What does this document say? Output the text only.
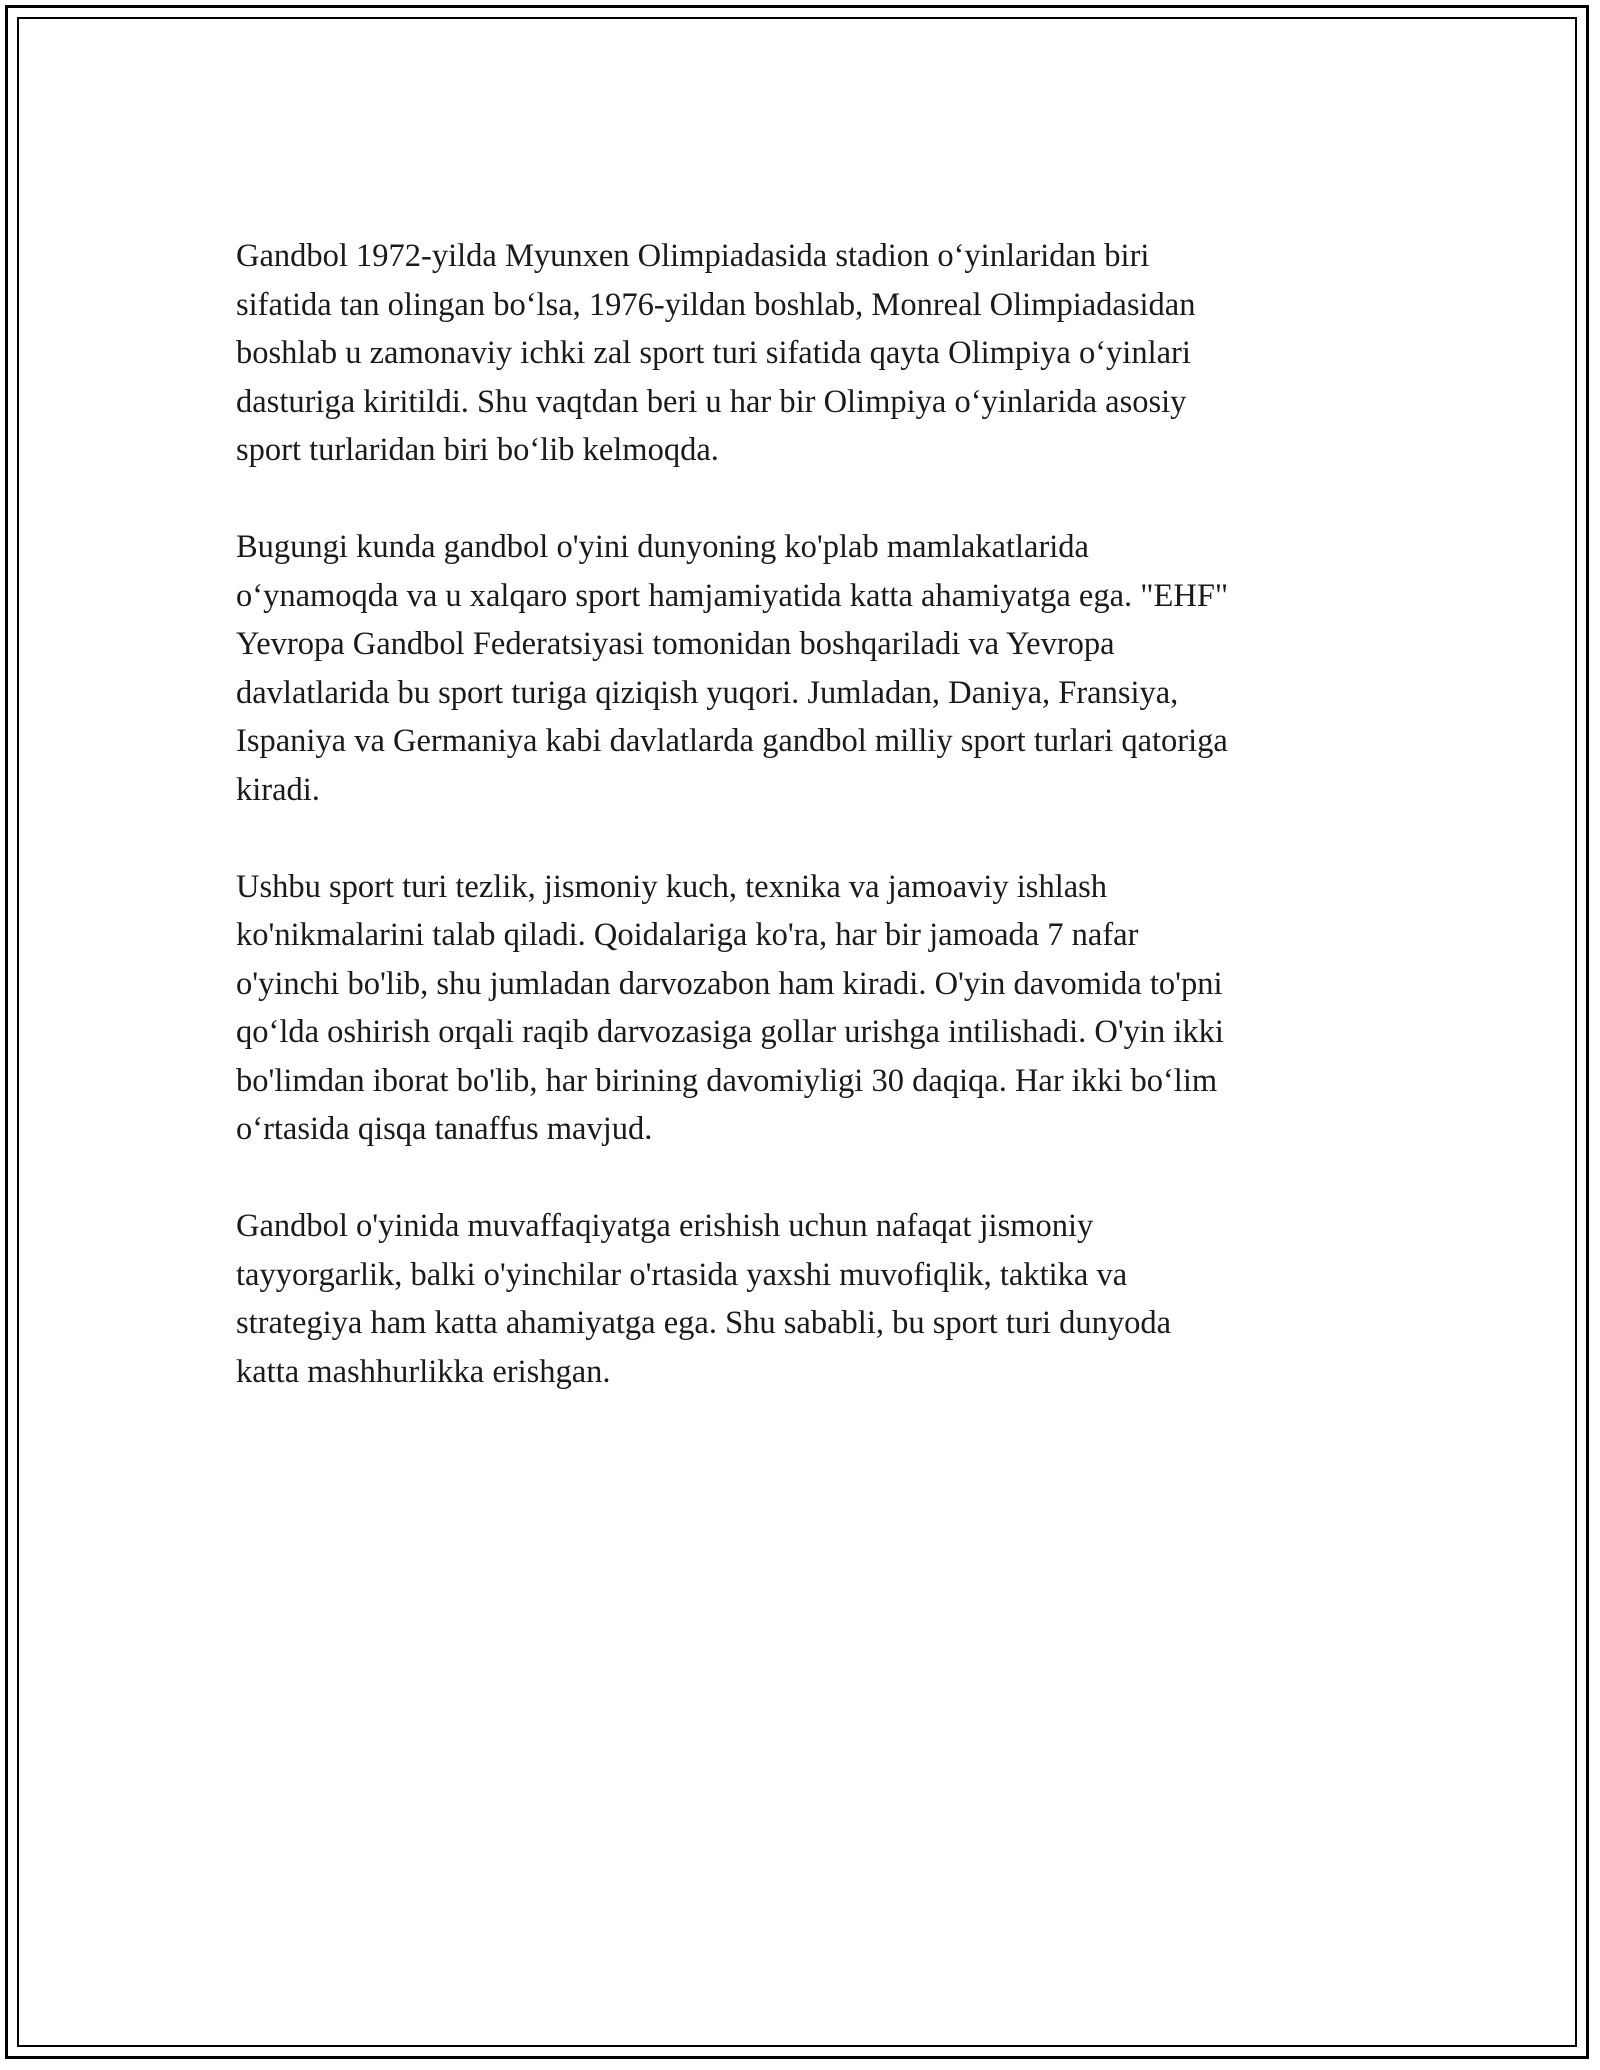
Gandbol 1972-yilda Myunxen Olimpiadasida stadion o‘yinlaridan biri
sifatida tan olingan bo‘lsa, 1976-yildan boshlab, Monreal Olimpiadasidan
boshlab u zamonaviy ichki zal sport turi sifatida qayta Olimpiya o‘yinlari
dasturiga kiritildi. Shu vaqtdan beri u har bir Olimpiya o‘yinlarida asosiy
sport turlaridan biri bo‘lib kelmoqda.

Bugungi kunda gandbol o'yini dunyoning ko'plab mamlakatlarida
o‘ynamoqda va u xalqaro sport hamjamiyatida katta ahamiyatga ega. "EHF"
Yevropa Gandbol Federatsiyasi tomonidan boshqariladi va Yevropa
davlatlarida bu sport turiga qiziqish yuqori. Jumladan, Daniya, Fransiya,
Ispaniya va Germaniya kabi davlatlarda gandbol milliy sport turlari qatoriga
kiradi.

Ushbu sport turi tezlik, jismoniy kuch, texnika va jamoaviy ishlash
ko'nikmalarini talab qiladi. Qoidalariga ko'ra, har bir jamoada 7 nafar
o'yinchi bo'lib, shu jumladan darvozabon ham kiradi. O'yin davomida to'pni
qo‘lda oshirish orqali raqib darvozasiga gollar urishga intilishadi. O'yin ikki
bo'limdan iborat bo'lib, har birining davomiyligi 30 daqiqa. Har ikki bo‘lim
o‘rtasida qisqa tanaffus mavjud.

Gandbol o'yinida muvaffaqiyatga erishish uchun nafaqat jismoniy
tayyorgarlik, balki o'yinchilar o'rtasida yaxshi muvofiqlik, taktika va
strategiya ham katta ahamiyatga ega. Shu sababli, bu sport turi dunyoda
katta mashhurlikka erishgan.
